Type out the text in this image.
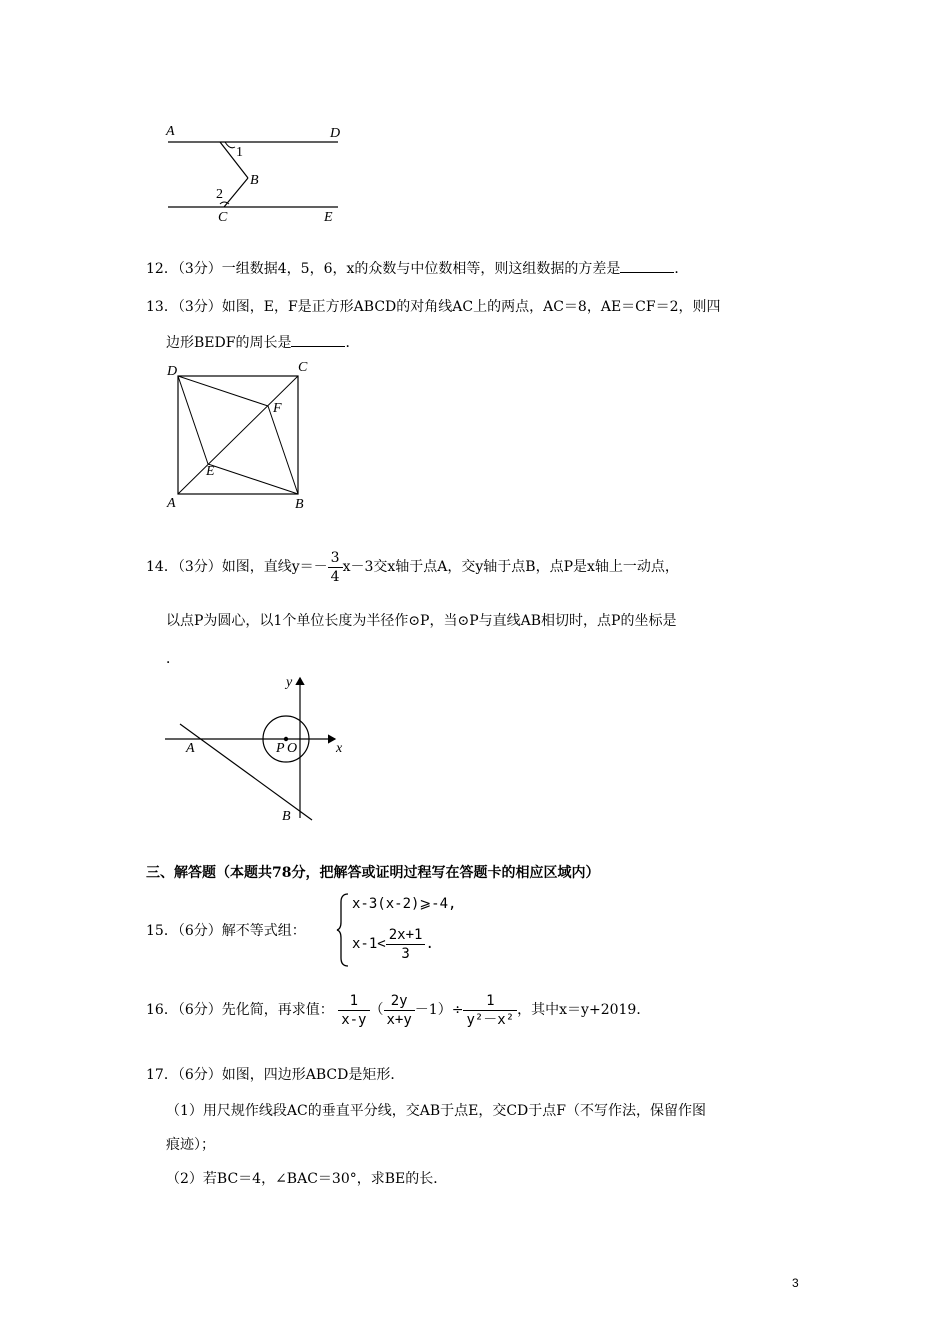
A	D
1
B
2
C	E
12．（3分）一组数据4，5，6，x的众数与中位数相等，则这组数据的方差是	．
13．（3分）如图，E，F是正方形ABCD的对角线AC上的两点，AC＝8，AE＝CF＝2，则四
边形BEDF的周长是	．
D	C
F
E
A	B
14．（3分）如图，直线$y=- \frac{3}{4} x-3$交x轴于点A，交y轴于点B，点P是x轴上一动点，
以点P为圆心，以1个单位长度为半径作⊙P，当⊙P与直线AB相切时，点P的坐标是
．
y
x
A	P O
B
三、解答题（本题共78分，把解答或证明过程写在答题卡的相应区域内）
15．（6分）解不等式组：
x-3(x-2)⩾-4,
$x-1< \frac{2x+1}{3}$ .
16．（6分）先化简，再求值： $\frac{1}{x-y}$ （ $\frac{2y}{x+y} -1)\div \frac{1}{\text{y²－x²}}$ ，其中x＝y+2019．
17．（6分）如图，四边形ABCD是矩形．
（1）用尺规作线段AC的垂直平分线，交AB于点E，交CD于点F（不写作法，保留作图
痕迹）；
（2）若BC＝4，∠BAC＝30°，求BE的长．
3
